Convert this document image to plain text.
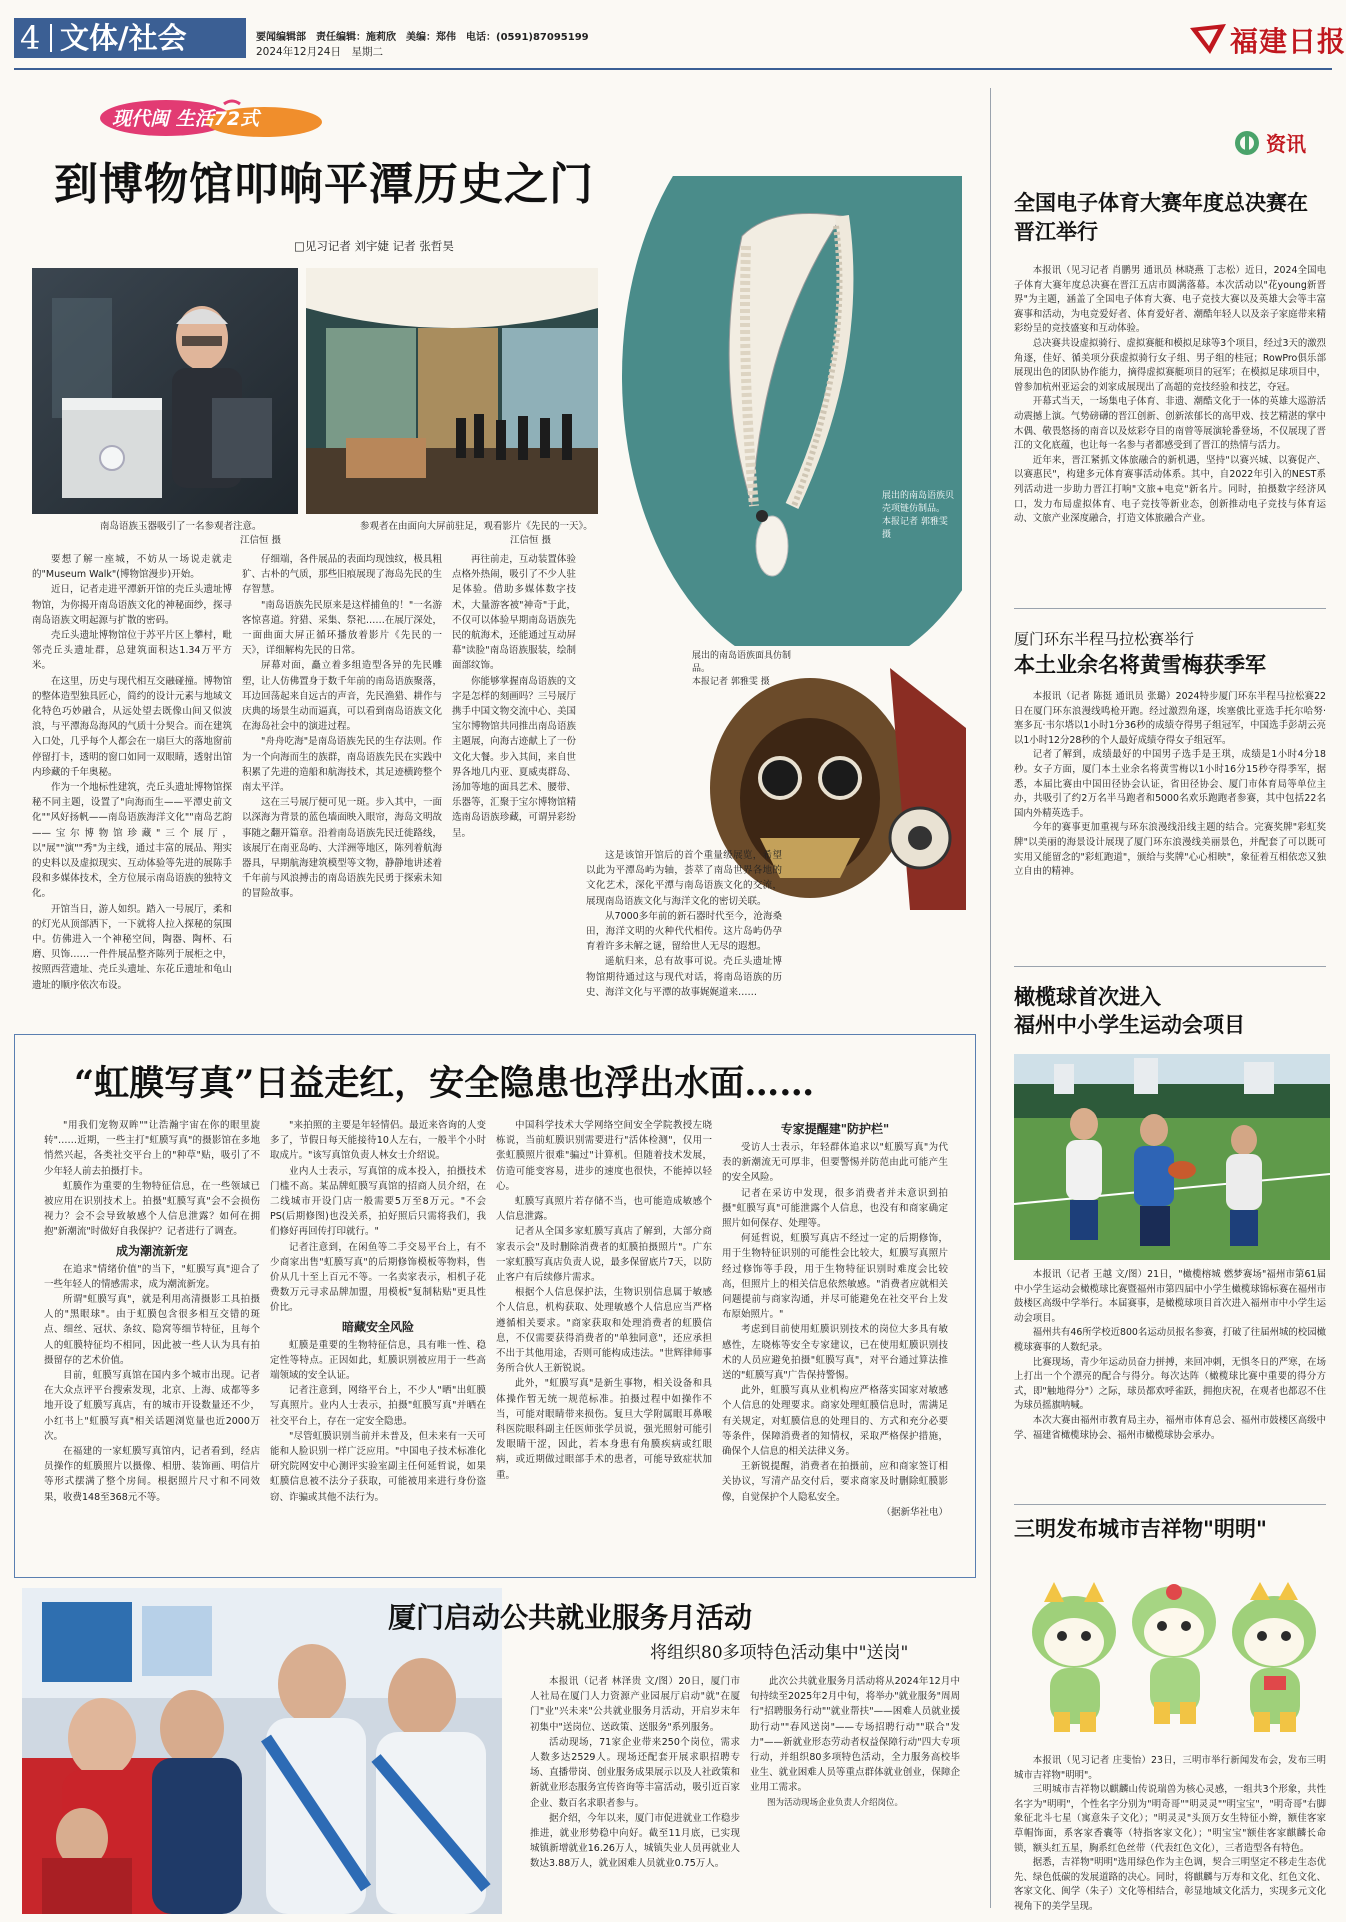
4 文体/社会	要闻编辑部　责任编辑：施莉欣　美编：郑伟　电话：(0591)87095199
2024年12月24日　星期二	福建日报
现代闽 生活72式
到博物馆叩响平潭历史之门
□见习记者 刘宇婕 记者 张哲昊
南岛语族玉器吸引了一名参观者注意。
江信恒 摄
参观者在由面向大屏前驻足，观看影片《先民的一天》。
江信恒 摄
展出的南岛语族贝壳项链仿制品。
本报记者 郭雅雯 摄
展出的南岛语族面具仿制品。
本报记者 郭雅雯 摄

要想了解一座城，不妨从一场说走就走的"Museum Walk"(博物馆漫步)开始。

近日，记者走进平潭新开馆的壳丘头遗址博物馆，为你揭开南岛语族文化的神秘面纱，探寻南岛语族文明起源与扩散的密码。

壳丘头遗址博物馆位于苏平片区上攀村，毗邻壳丘头遗址群，总建筑面积达1.34万平方米。

在这里，历史与现代相互交融碰撞。博物馆的整体造型独具匠心，简约的设计元素与地域文化特色巧妙融合，从远处望去既像山间又似波浪，与平潭海岛海风的气质十分契合。而在建筑入口处，几乎每个人都会在一扇巨大的落地窗前停留打卡，透明的窗口如同一双眼睛，透射出馆内珍藏的千年奥秘。

作为一个地标性建筑，壳丘头遗址博物馆探秘不同主题，设置了"向海而生——平潭史前文化""风好扬帆——南岛语族海洋文化""南岛艺韵——宝尔博物馆珍藏"三个展厅，以"展""演""秀"为主线，通过丰富的展品、翔实的史料以及虚拟现实、互动体验等先进的展陈手段和多媒体技术，全方位展示南岛语族的独特文化。

开馆当日，游人如织。踏入一号展厅，柔和的灯光从顶部洒下，一下就将人拉入探秘的氛围中。仿佛进入一个神秘空间，陶器、陶杯、石磨、贝饰……一件件展品整齐陈列于展柜之中，按照西营遗址、壳丘头遗址、东花丘遗址和龟山遗址的顺序依次布设。

仔细端，各件展品的表面均现蚀纹，极具粗犷、古朴的气质，那些旧痕展现了海岛先民的生存智慧。

"南岛语族先民原来是这样捕鱼的！"一名游客惊喜道。狩猎、采集、祭祀……在展厅深处，一面曲面大屏正循环播放着影片《先民的一天》，详细解构先民的日常。

屏幕对面，矗立着多组造型各异的先民雕塑，让人仿佛置身于数千年前的南岛语族聚落，耳边回荡起来自远古的声音，先民渔猎、耕作与庆典的场景生动而逼真，可以看到南岛语族文化在海岛社会中的演进过程。

"舟舟吃海"是南岛语族先民的生存法则。作为一个向海而生的族群，南岛语族先民在实践中积累了先进的造船和航海技术，其足迹横跨整个南太平洋。

这在三号展厅便可见一斑。步入其中，一面以深海为背景的蓝色墙面映入眼帘，海岛文明故事随之翻开篇章。沿着南岛语族先民迁徙路线，该展厅在南亚岛屿、大洋洲等地区，陈列着航海器具，早期航海建筑模型等文物，静静地讲述着千年前与风浪搏击的南岛语族先民勇于探索未知的冒险故事。

再往前走，互动装置体验点格外热闹，吸引了不少人驻足体验。借助多媒体数字技术，大量游客被"神奇"于此，不仅可以体验早期南岛语族先民的航海术，还能通过互动屏幕"读脸"南岛语族服装，绘制面部纹饰。

你能够掌握南岛语族的文字是怎样的刻画吗？三号展厅携手中国文物交流中心、美国宝尔博物馆共同推出南岛语族主题展，向海古迹献上了一份文化大餐。步入其间，来自世界各地几内亚、夏威夷群岛、汤加等地的面具艺术、腰带、乐器等，汇聚于宝尔博物馆精选南岛语族珍藏，可谓异彩纷呈。

这是该馆开馆后的首个重量级展览，希望以此为平潭岛屿为轴，荟萃了南岛世界各地的文化艺术，深化平潭与南岛语族文化的交流，展现南岛语族文化与海洋文化的密切关联。

从7000多年前的新石器时代至今，沧海桑田，海洋文明的火种代代相传。这片岛屿仍孕育着许多未解之谜，留给世人无尽的遐想。

遥航归来，总有故事可说。壳丘头遗址博物馆期待通过这与现代对话，将南岛语族的历史、海洋文化与平潭的故事娓娓道来……

“虹膜写真”日益走红，安全隐患也浮出水面……

"用我们宠物双眸""让浩瀚宇宙在你的眼里旋转"……近期，一些主打"虹膜写真"的摄影馆在多地悄然兴起，各类社交平台上的"种草"贴，吸引了不少年轻人前去拍摄打卡。

虹膜作为重要的生物特征信息，在一些领域已被应用在识别技术上。拍摄"虹膜写真"会不会损伤视力？会不会导致敏感个人信息泄露？如何在拥抱"新潮流"时做好自我保护？记者进行了调查。

成为潮流新宠

在追求"情绪价值"的当下，"虹膜写真"迎合了一些年轻人的情感需求，成为潮流新宠。

所谓"虹膜写真"，就是利用高清摄影工具拍摄人的"黑眼球"。由于虹膜包含很多相互交错的斑点、细丝、冠状、条纹、隐窝等细节特征，且每个人的虹膜特征均不相同，因此被一些人认为具有拍摄留存的艺术价值。

目前，虹膜写真馆在国内多个城市出现。记者在大众点评平台搜索发现，北京、上海、成都等多地开设了虹膜写真店，有的城市开设数量还不少，小红书上"虹膜写真"相关话题浏览量也近2000万次。

在福建的一家虹膜写真馆内，记者看到，经店员操作的虹膜照片以摄像、相册、装饰画、明信片等形式摆满了整个房间。根据照片尺寸和不同效果，收费148至368元不等。

"来拍照的主要是年轻情侣。最近来咨询的人变多了，节假日每天能接待10人左右，一般半个小时取成片。"该写真馆负责人林女士介绍说。

业内人士表示，写真馆的成本投入，拍摄技术门槛不高。某品牌虹膜写真馆的招商人员介绍，在二线城市开设门店一般需要5万至8万元。"不会PS(后期修图)也没关系，拍好照后只需将我们，我们修好再回传打印就行。"

记者注意到，在闲鱼等二手交易平台上，有不少商家出售"虹膜写真"的后期修饰模板等物料，售价从几十至上百元不等。一名卖家表示，相机子花费数万元寻求品牌加盟，用模板"复制粘贴"更具性价比。

暗藏安全风险

虹膜是重要的生物特征信息，具有唯一性、稳定性等特点。正因如此，虹膜识别被应用于一些高端领域的安全认证。

记者注意到，网络平台上，不少人"晒"出虹膜写真照片。业内人士表示，拍摄"虹膜写真"并晒在社交平台上，存在一定安全隐患。

"尽管虹膜识别当前并未普及，但未来有一天可能和人脸识别一样广泛应用。"中国电子技术标准化研究院网安中心测评实验室副主任何延哲说，如果虹膜信息被不法分子获取，可能被用来进行身份盗窃、诈骗或其他不法行为。

中国科学技术大学网络空间安全学院教授左晓栋说，当前虹膜识别需要进行"活体检测"，仅用一张虹膜照片很难"骗过"计算机。但随着技术发展，仿造可能变容易，进步的速度也很快，不能掉以轻心。

虹膜写真照片若存储不当，也可能造成敏感个人信息泄露。

记者从全国多家虹膜写真店了解到，大部分商家表示会"及时删除消费者的虹膜拍摄照片"。广东一家虹膜写真店负责人说，最多保留底片7天，以防止客户有后续修片需求。

根据个人信息保护法，生物识别信息属于敏感个人信息，机构获取、处理敏感个人信息应当严格遵循相关要求。"商家获取和处理消费者的虹膜信息，不仅需要获得消费者的"单独同意"，还应承担不出于其他用途，否则可能构成违法。"世辉律师事务所合伙人王新锐说。

此外，"虹膜写真"是新生事物，相关设备和具体操作暂无统一规范标准。拍摄过程中如操作不当，可能对眼睛带来损伤。复旦大学附属眼耳鼻喉科医院眼科副主任医师张学员说，强光照射可能引发眼睛干涩，因此，若本身患有角膜疾病或红眼病，或近期做过眼部手术的患者，可能导致症状加重。

专家提醒建"防护栏"

受访人士表示，年轻群体追求以"虹膜写真"为代表的新潮流无可厚非，但要警惕并防范由此可能产生的安全风险。

记者在采访中发现，很多消费者并未意识到拍摄"虹膜写真"可能泄露个人信息，也没有和商家确定照片如何保存、处理等。

何延哲说，虹膜写真店不经过一定的后期修饰，用于生物特征识别的可能性会比较大，虹膜写真照片经过修饰等手段，用于生物特征识别时难度会比较高，但照片上的相关信息依然敏感。"消费者应就相关问题提前与商家沟通，并尽可能避免在社交平台上发布原始照片。"

考虑到目前使用虹膜识别技术的岗位大多具有敏感性，左晓栋等安全专家建议，已在使用虹膜识别技术的人员应避免拍摄"虹膜写真"，对平台通过算法推送的"虹膜写真"广告保持警惕。

此外，虹膜写真从业机构应严格落实国家对敏感个人信息的处理要求。商家处理虹膜信息时，需满足有关规定，对虹膜信息的处理目的、方式和充分必要等条件，保障消费者的知情权，采取严格保护措施，确保个人信息的相关法律义务。

王新锐提醒，消费者在拍摄前，应和商家签订相关协议，写清产品交付后，要求商家及时删除虹膜影像，自觉保护个人隐私安全。

（据新华社电）

厦门启动公共就业服务月活动
将组织80多项特色活动集中"送岗"

本报讯（记者 林泽贵 文/图）20日，厦门市人社局在厦门人力资源产业园展厅启动"就"在厦门"业"兴未来"公共就业服务月活动，开启岁末年初集中"送岗位、送政策、送服务"系列服务。

活动现场，71家企业带来250个岗位，需求人数多达2529人。现场还配套开展求职招聘专场、直播带岗、创业服务成果展示以及人社政策和新就业形态服务宣传咨询等丰富活动，吸引近百家企业、数百名求职者参与。

据介绍，今年以来，厦门市促进就业工作稳步推进，就业形势稳中向好。截至11月底，已实现城镇新增就业16.26万人，城镇失业人员再就业人数达3.88万人，就业困难人员就业0.75万人。

此次公共就业服务月活动将从2024年12月中旬持续至2025年2月中旬，将举办"就业服务"周周行"招聘服务行动""就业帮扶"——困难人员就业援助行动""春风送岗"——专场招聘行动""联合"发力"——新就业形态劳动者权益保障行动"四大专项行动，并组织80多项特色活动，全力服务高校毕业生、就业困难人员等重点群体就业创业，保障企业用工需求。

图为活动现场企业负责人介绍岗位。

资讯
全国电子体育大赛年度总决赛在晋江举行

本报讯（见习记者 肖鹏男 通讯员 林晓燕 丁志松）近日，2024全国电子体育大赛年度总决赛在晋江五店市圆满落幕。本次活动以"花young新晋界"为主题，涵盖了全国电子体育大赛、电子竞技大赛以及英雄大会等丰富赛事和活动，为电竞爱好者、体育爱好者、潮酷年轻人以及亲子家庭带来精彩纷呈的竞技盛宴和互动体验。

总决赛共设虚拟骑行、虚拟赛艇和模拟足球等3个项目，经过3天的激烈角逐，佳好、循美项分获虚拟骑行女子组、男子组的桂冠；RowPro俱乐部展现出色的团队协作能力，摘得虚拟赛艇项目的冠军；在模拟足球项目中，曾参加杭州亚运会的刘家成展现出了高超的竞技经验和技艺，夺冠。

开幕式当天，一场集电子体育、非遗、潮酷文化于一体的英雄大巡游活动震撼上演。气势磅礴的晋江创新、创新浓郁长的高甲戏、技艺精湛的掌中木偶、敬畏悠扬的南音以及炫彩夺目的南曾等展演轮番登场，不仅展现了晋江的文化底蕴，也让每一名参与者都感受到了晋江的热情与活力。

近年来，晋江紧抓文体旅融合的新机遇，坚持"以赛兴城、以赛促产、以赛惠民"，构建多元体育赛事活动体系。其中，自2022年引入的NEST系列活动进一步助力晋江打响"文旅+电竞"新名片。同时，拍摄数字经济风口，发力布局虚拟体育、电子竞技等新业态，创新推动电子竞技与体育运动、文旅产业深度融合，打造文体旅融合产业。

厦门环东半程马拉松赛举行
本土业余名将黄雪梅获季军

本报讯（记者 陈挺 通讯员 张璐）2024特步厦门环东半程马拉松赛22日在厦门环东浪漫线鸣枪开跑。经过激烈角逐，埃塞俄比亚选手托尔哈努·塞多瓦·韦尔塔以1小时1分36秒的成绩夺得男子组冠军，中国选手彭胡云亮以1小时12分28秒的个人最好成绩夺得女子组冠军。

记者了解到，成绩最好的中国男子选手是王琪，成绩是1小时4分18秒。女子方面，厦门本土业余名将黄雪梅以1小时16分15秒夺得季军，据悉，本届比赛由中国田径协会认证，省田径协会、厦门市体育局等单位主办，共吸引了约2万名半马跑者和5000名欢乐跑跑者参赛，其中包括22名国内外精英选手。

今年的赛事更加重视与环东浪漫线沿线主题的结合。完赛奖牌"彩虹奖牌"以美丽的海景设计展现了厦门环东浪漫线美丽景色，并配套了可以既可实用又能留念的"彩虹跑道"，颁给与奖牌"心心相映"，象征着互相依恋又独立自由的精神。

橄榄球首次进入
福州中小学生运动会项目

本报讯（记者 王越 文/图）21日，"橄榄榕城 燃梦赛场"福州市第61届中小学生运动会橄榄球比赛暨福州市第四届中小学生橄榄球锦标赛在福州市鼓楼区高级中学举行。本届赛事，是橄榄球项目首次进入福州市中小学生运动会项目。

福州共有46所学校近800名运动员报名参赛，打破了往届州城的校园橄榄球赛事的人数纪录。

比赛现场，青少年运动员奋力拼搏，来回冲刺，无惧冬日的严寒，在场上打出一个个漂亮的配合与得分。每次达阵（橄榄球比赛中重要的得分方式，即"触地得分"）之际，球员都欢呼雀跃，拥抱庆祝，在观者也都忍不住为球员摇旗呐喊。

本次大赛由福州市教育局主办，福州市体育总会、福州市鼓楼区高级中学、福建省橄榄球协会、福州市橄榄球协会承办。

三明发布城市吉祥物"明明"

本报讯（见习记者 庄斐怡）23日，三明市举行新闻发布会，发布三明城市吉祥物"明明"。

三明城市吉祥物以麒麟山传说瑞兽为核心灵感，一组共3个形象，共性名字为"明明"，个性名字分别为"明奇哥""明灵灵""明宝宝"，"明奇哥"右脚象征北斗七星（寓意朱子文化）；"明灵灵"头顶万女生特征小辫，额佳客家草帽饰面，系客家香囊等（特指客家文化）；"明宝宝"额佳客家麒麟长命锁，额头红五星，胸系红色丝带（代表红色文化），三者造型各有特色。

据悉，吉祥物"明明"选用绿色作为主色调，契合三明坚定不移走生态优先、绿色低碳的发展道路的决心。同时，将麒麟与万寿和文化、红色文化、客家文化、闽学（朱子）文化等相结合，彰显地域文化活力，实现多元文化视角下的美学呈现。
